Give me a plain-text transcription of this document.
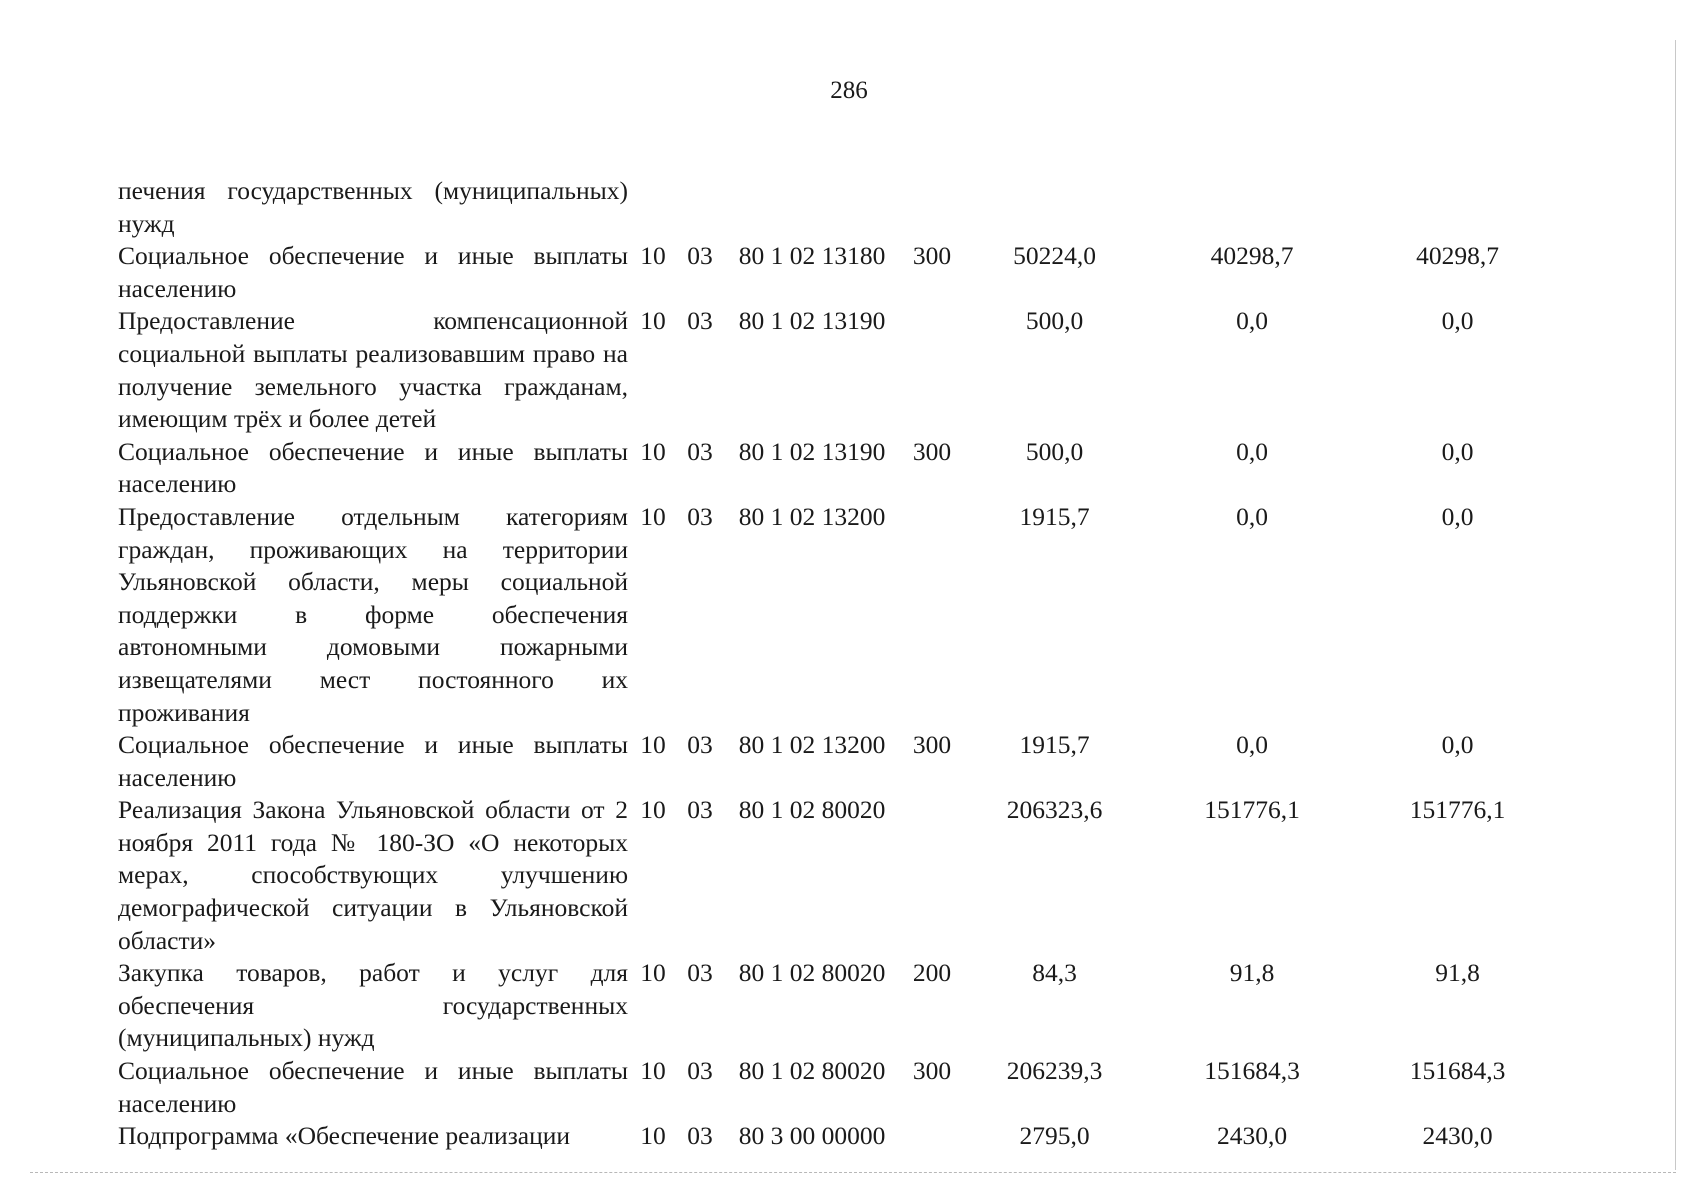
286
печения государственных (муниципальных) нужд							
Социальное обеспечение и иные выплаты населению	10	03	80 1 02 13180	300	50224,0	40298,7	40298,7
Предоставление компенсационной социальной выплаты реализовавшим право на получение земельного участка гражданам, имеющим трёх и более детей	10	03	80 1 02 13190		500,0	0,0	0,0
Социальное обеспечение и иные выплаты населению	10	03	80 1 02 13190	300	500,0	0,0	0,0
Предоставление отдельным категориям граждан, проживающих на территории Ульяновской области, меры социальной поддержки в форме обеспечения автономными домовыми пожарными извещателями мест постоянного их проживания	10	03	80 1 02 13200		1915,7	0,0	0,0
Социальное обеспечение и иные выплаты населению	10	03	80 1 02 13200	300	1915,7	0,0	0,0
Реализация Закона Ульяновской области от 2 ноября 2011 года № 180-ЗО «О некоторых мерах, способствующих улучшению демографической ситуации в Ульяновской области»	10	03	80 1 02 80020		206323,6	151776,1	151776,1
Закупка товаров, работ и услуг для обеспечения государственных (муниципальных) нужд	10	03	80 1 02 80020	200	84,3	91,8	91,8
Социальное обеспечение и иные выплаты населению	10	03	80 1 02 80020	300	206239,3	151684,3	151684,3
Подпрограмма «Обеспечение реализации	10	03	80 3 00 00000		2795,0	2430,0	2430,0
